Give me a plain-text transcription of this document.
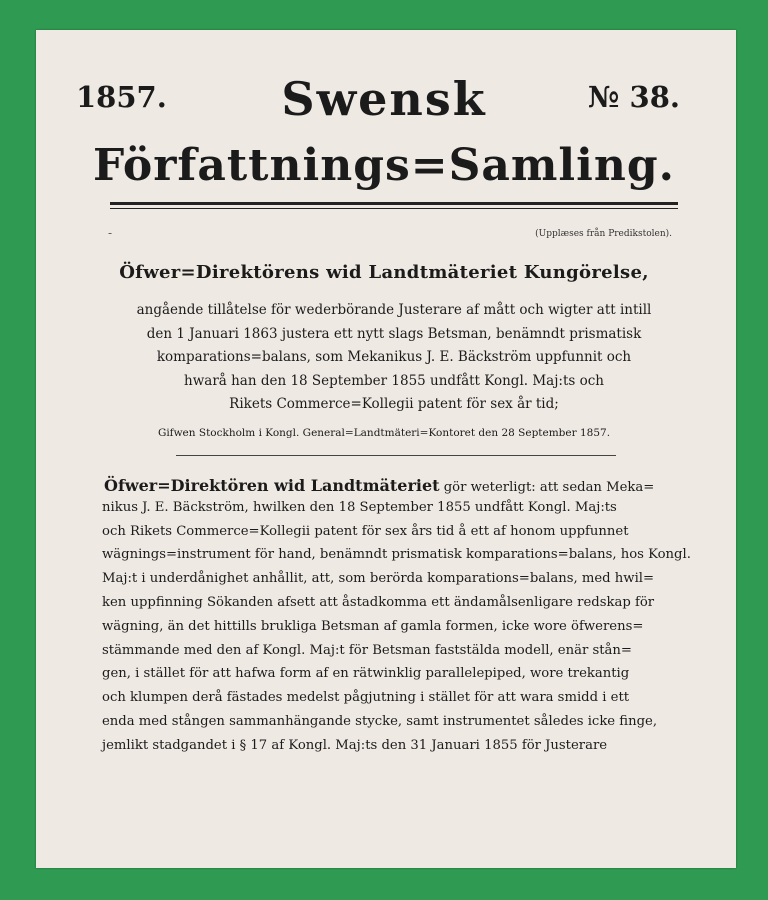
1857.	№ 38.
Swensk
Författnings=Samling.
-	(Upplæses från Predikstolen).
Öfwer=Direktörens wid Landtmäteriet Kungörelse,
angående tillåtelse för wederbörande Justerare af mått och wigter att intill
den 1 Januari 1863 justera ett nytt slags Betsman, benämndt prismatisk
komparations=balans, som Mekanikus J. E. Bäckström uppfunnit och
hwarå han den 18 September 1855 undfått Kongl. Maj:ts och
Rikets Commerce=Kollegii patent för sex år tid;
Gifwen Stockholm i Kongl. General=Landtmäteri=Kontoret den 28 September 1857.
Öfwer=Direktören wid Landtmäteriet gör weterligt: att sedan Meka=
nikus J. E. Bäckström, hwilken den 18 September 1855 undfått Kongl. Maj:ts
och Rikets Commerce=Kollegii patent för sex års tid å ett af honom uppfunnet
wägnings=instrument för hand, benämndt prismatisk komparations=balans, hos Kongl.
Maj:t i underdånighet anhållit, att, som berörda komparations=balans, med hwil=
ken uppfinning Sökanden afsett att åstadkomma ett ändamålsenligare redskap för
wägning, än det hittills brukliga Betsman af gamla formen, icke wore öfwerens=
stämmande med den af Kongl. Maj:t för Betsman faststälda modell, enär stån=
gen, i stället för att hafwa form af en rätwinklig parallelepiped, wore trekantig
och klumpen derå fästades medelst pågjutning i stället för att wara smidd i ett
enda med stången sammanhängande stycke, samt instrumentet således icke finge,
jemlikt stadgandet i § 17 af Kongl. Maj:ts den 31 Januari 1855 för Justerare
